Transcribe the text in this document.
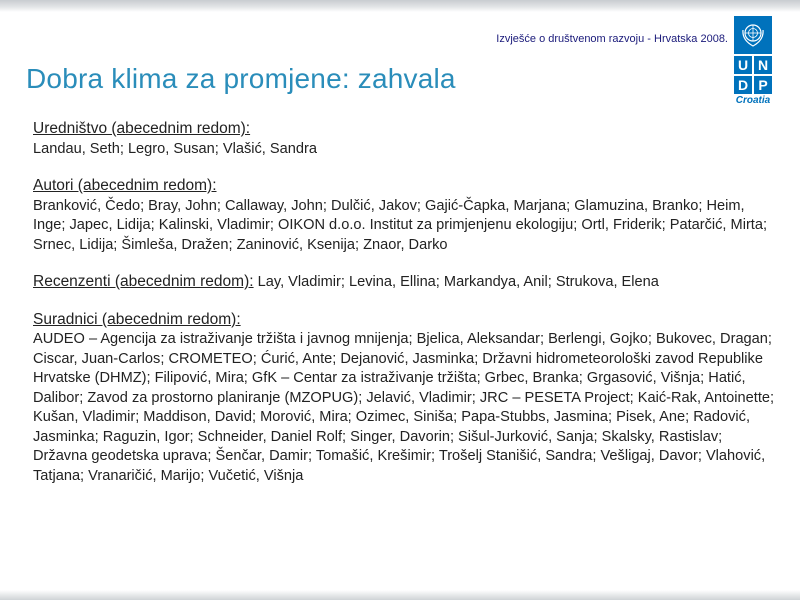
Izvješće o društvenom razvoju - Hrvatska 2008.
Dobra klima za promjene: zahvala	U N
D P
Croatia

Uredništvo (abecednim redom):

Landau, Seth; Legro, Susan; Vlašić, Sandra

Autori (abecednim redom):

Branković, Čedo; Bray, John; Callaway, John; Dulčić, Jakov; Gajić-Čapka, Marjana; Glamuzina, Branko; Heim, Inge; Japec, Lidija; Kalinski, Vladimir; OIKON d.o.o. Institut za primjenjenu ekologiju; Ortl, Friderik; Patarčić, Mirta; Srnec, Lidija; Šimleša, Dražen; Zaninović, Ksenija; Znaor, Darko

Recenzenti (abecednim redom): Lay, Vladimir; Levina, Ellina; Markandya, Anil; Strukova, Elena

Suradnici (abecednim redom):

AUDEO – Agencija za istraživanje tržišta i javnog mnijenja; Bjelica, Aleksandar; Berlengi, Gojko; Bukovec, Dragan; Ciscar, Juan-Carlos; CROMETEO; Ćurić, Ante; Dejanović, Jasminka; Državni hidrometeorološki zavod Republike Hrvatske (DHMZ); Filipović, Mira; GfK – Centar za istraživanje tržišta; Grbec, Branka; Grgasović, Višnja; Hatić, Dalibor; Zavod za prostorno planiranje (MZOPUG); Jelavić, Vladimir; JRC – PESETA Project; Kaić-Rak, Antoinette; Kušan, Vladimir; Maddison, David; Morović, Mira; Ozimec, Siniša; Papa-Stubbs, Jasmina; Pisek, Ane; Radović, Jasminka; Raguzin, Igor; Schneider, Daniel Rolf; Singer, Davorin; Sišul-Jurković, Sanja; Skalsky, Rastislav; Državna geodetska uprava; Šenčar, Damir; Tomašić, Krešimir; Trošelj Stanišić, Sandra; Vešligaj, Davor; Vlahović, Tatjana; Vranaričić, Marijo; Vučetić, Višnja
